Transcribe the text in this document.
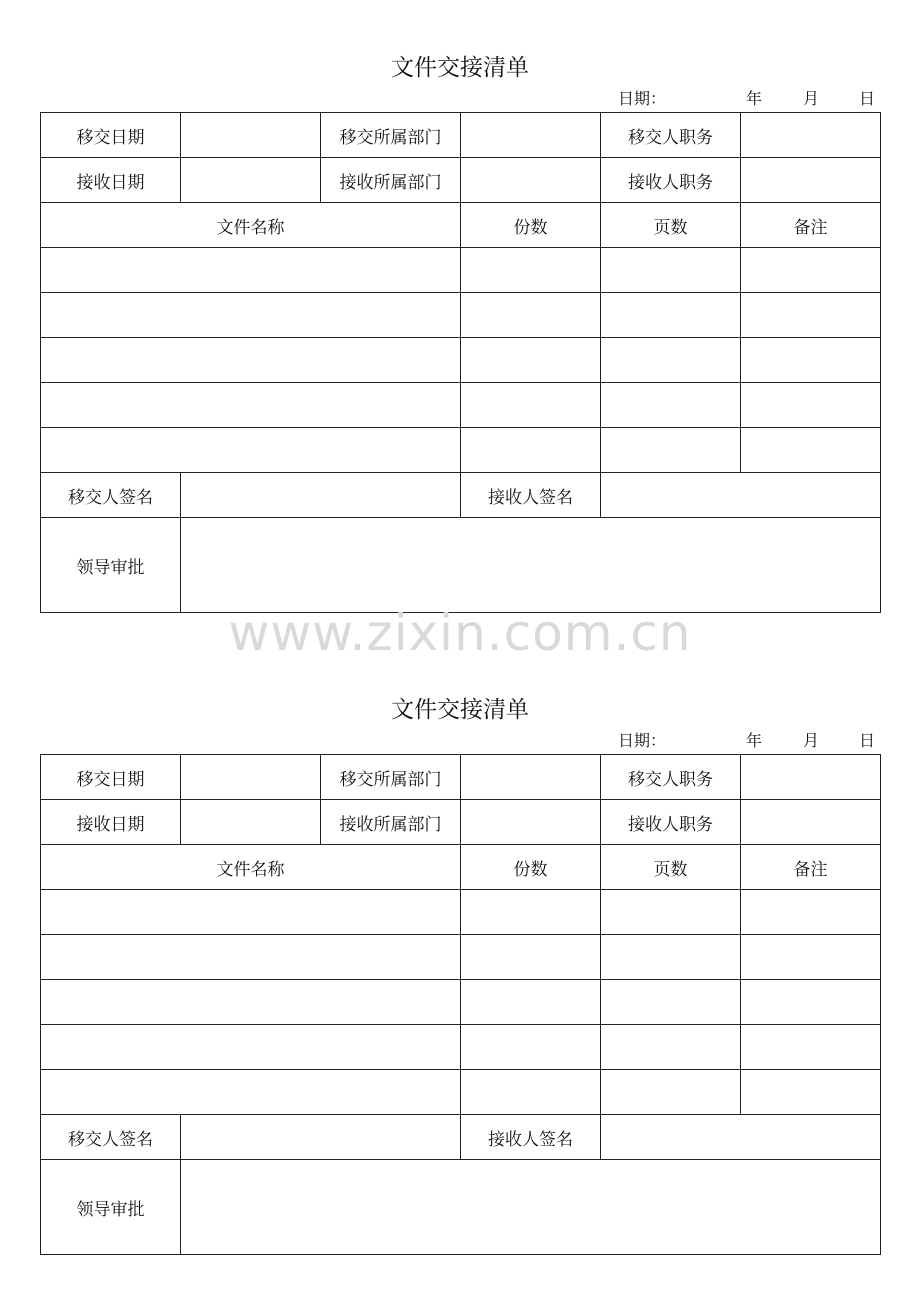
文件交接清单
日期：	年	月 日
移交日期		移交所属部门		移交人职务	
接收日期		接收所属部门		接收人职务	
文件名称			份数	页数	备注

移交人签名			接收人签名		
领导审批					
www.zixin.com.cn
文件交接清单
日期：	年	月 日
移交日期		移交所属部门		移交人职务	
接收日期		接收所属部门		接收人职务	
文件名称			份数	页数	备注

移交人签名			接收人签名		
领导审批					
